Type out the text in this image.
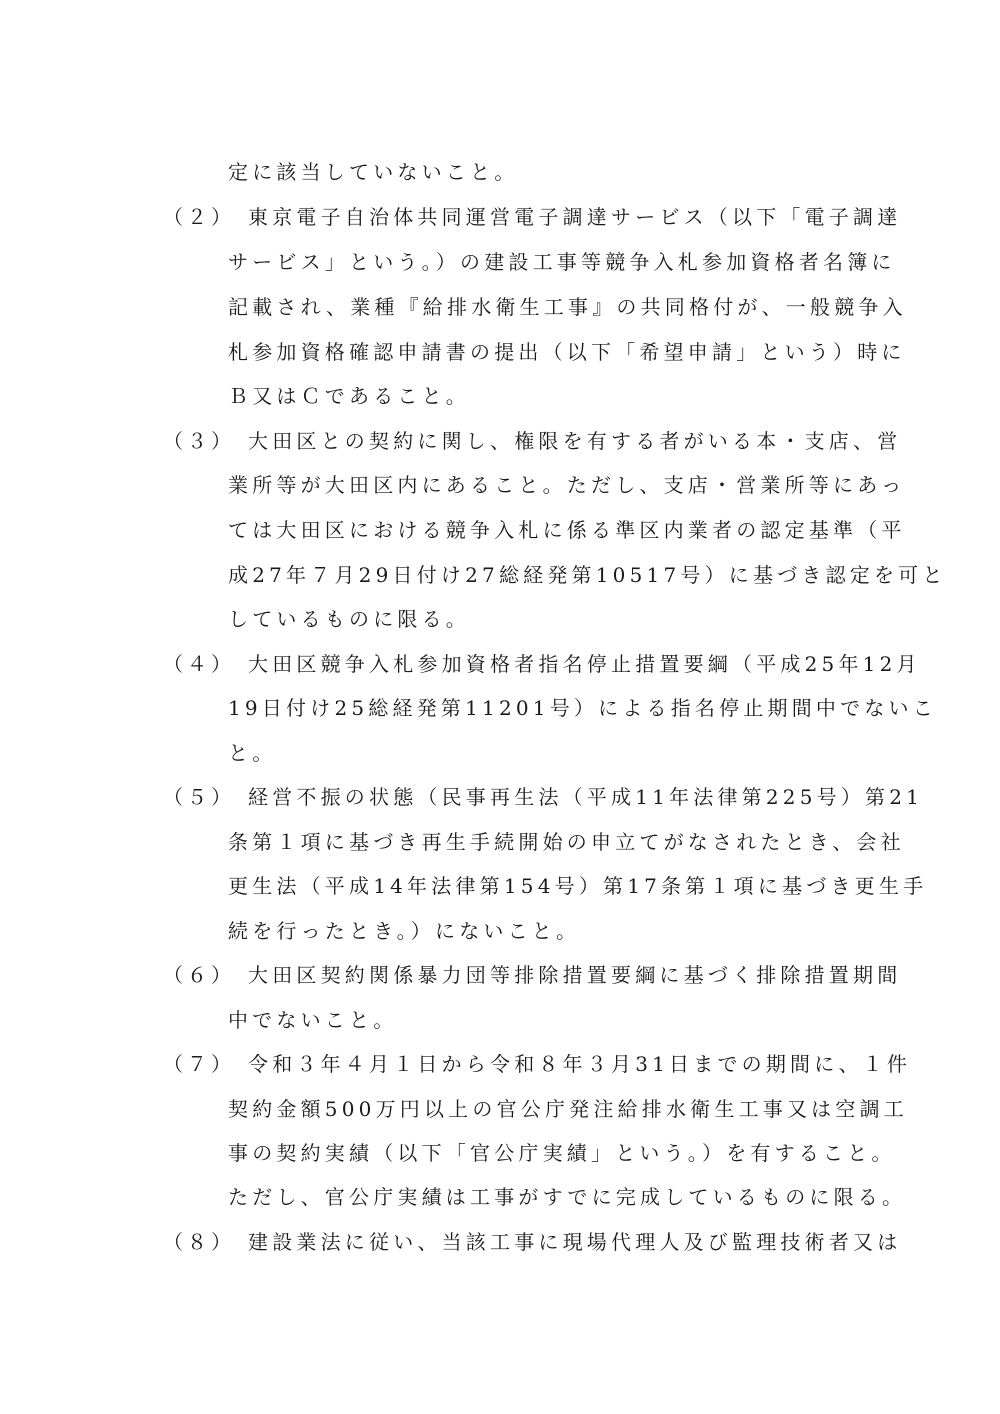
定に該当していないこと。
（２） 東京電子自治体共同運営電子調達サービス（以下「電子調達
サービス」という。）の建設工事等競争入札参加資格者名簿に
記載され、業種『給排水衛生工事』の共同格付が、一般競争入
札参加資格確認申請書の提出（以下「希望申請」という）時に
Ｂ又はＣであること。
（３） 大田区との契約に関し、権限を有する者がいる本・支店、営
業所等が大田区内にあること。ただし、支店・営業所等にあっ
ては大田区における競争入札に係る準区内業者の認定基準（平
成27年７月29日付け27総経発第10517号）に基づき認定を可と
しているものに限る。
（４） 大田区競争入札参加資格者指名停止措置要綱（平成25年12月
19日付け25総経発第11201号）による指名停止期間中でないこ
と。
（５） 経営不振の状態（民事再生法（平成11年法律第225号）第21
条第１項に基づき再生手続開始の申立てがなされたとき、会社
更生法（平成14年法律第154号）第17条第１項に基づき更生手
続を行ったとき。）にないこと。
（６） 大田区契約関係暴力団等排除措置要綱に基づく排除措置期間
中でないこと。
（７） 令和３年４月１日から令和８年３月31日までの期間に、１件
契約金額500万円以上の官公庁発注給排水衛生工事又は空調工
事の契約実績（以下「官公庁実績」という。）を有すること。
ただし、官公庁実績は工事がすでに完成しているものに限る。
（８） 建設業法に従い、当該工事に現場代理人及び監理技術者又は
